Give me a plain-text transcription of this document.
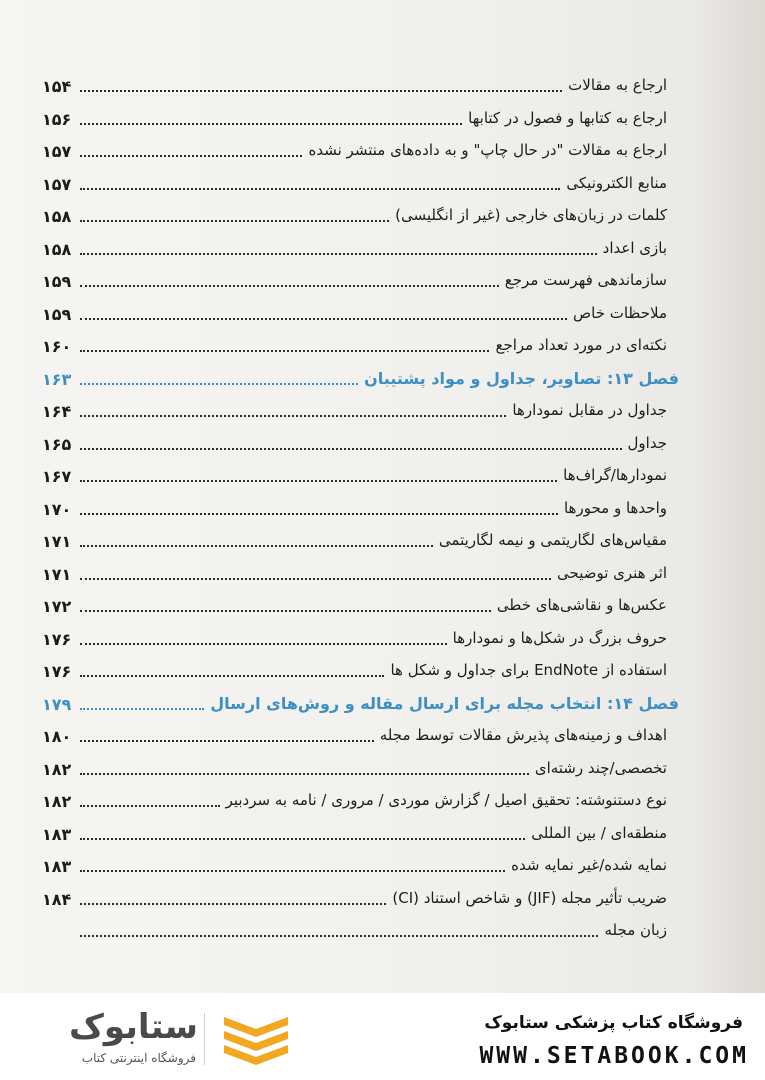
ارجاع به مقالات
۱۵۴
ارجاع به کتابها و فصول در کتابها
۱۵۶
ارجاع به مقالات "در حال چاپ" و به داده‌های منتشر نشده
۱۵۷
منابع الکترونیکی
۱۵۷
کلمات در زبان‌های خارجی (غیر از انگلیسی)
۱۵۸
بازی اعداد
۱۵۸
سازماندهی فهرست مرجع
۱۵۹
ملاحظات خاص
۱۵۹
نکته‌ای در مورد تعداد مراجع
۱۶۰
فصل ۱۳: تصاویر، جداول و مواد پشتیبان
۱۶۳
جداول در مقابل نمودارها
۱۶۴
جداول
۱۶۵
نمودارها/گراف‌ها
۱۶۷
واحدها و محورها
۱۷۰
مقیاس‌های لگاریتمی و نیمه لگاریتمی
۱۷۱
اثر هنری توضیحی
۱۷۱
عکس‌ها و نقاشی‌های خطی
۱۷۲
حروف بزرگ در شکل‌ها و نمودارها
۱۷۶
استفاده از EndNote برای جداول و شکل ها
۱۷۶
فصل ۱۴: انتخاب مجله برای ارسال مقاله و روش‌های ارسال
۱۷۹
اهداف و زمینه‌های پذیرش مقالات توسط مجله
۱۸۰
تخصصی/چند رشته‌ای
۱۸۲
نوع دستنوشته: تحقیق اصیل / گزارش موردی / مروری / نامه به سردبیر
۱۸۲
منطقه‌ای / بین المللی
۱۸۳
نمایه شده/غیر نمایه شده
۱۸۳
ضریب تأثیر مجله (JIF) و شاخص استناد (CI)
۱۸۴
زبان مجله
ستابوک
فروشگاه اینترنتی کتاب
فروشگاه کتاب پزشکی ستابوک
WWW.SETABOOK.COM
